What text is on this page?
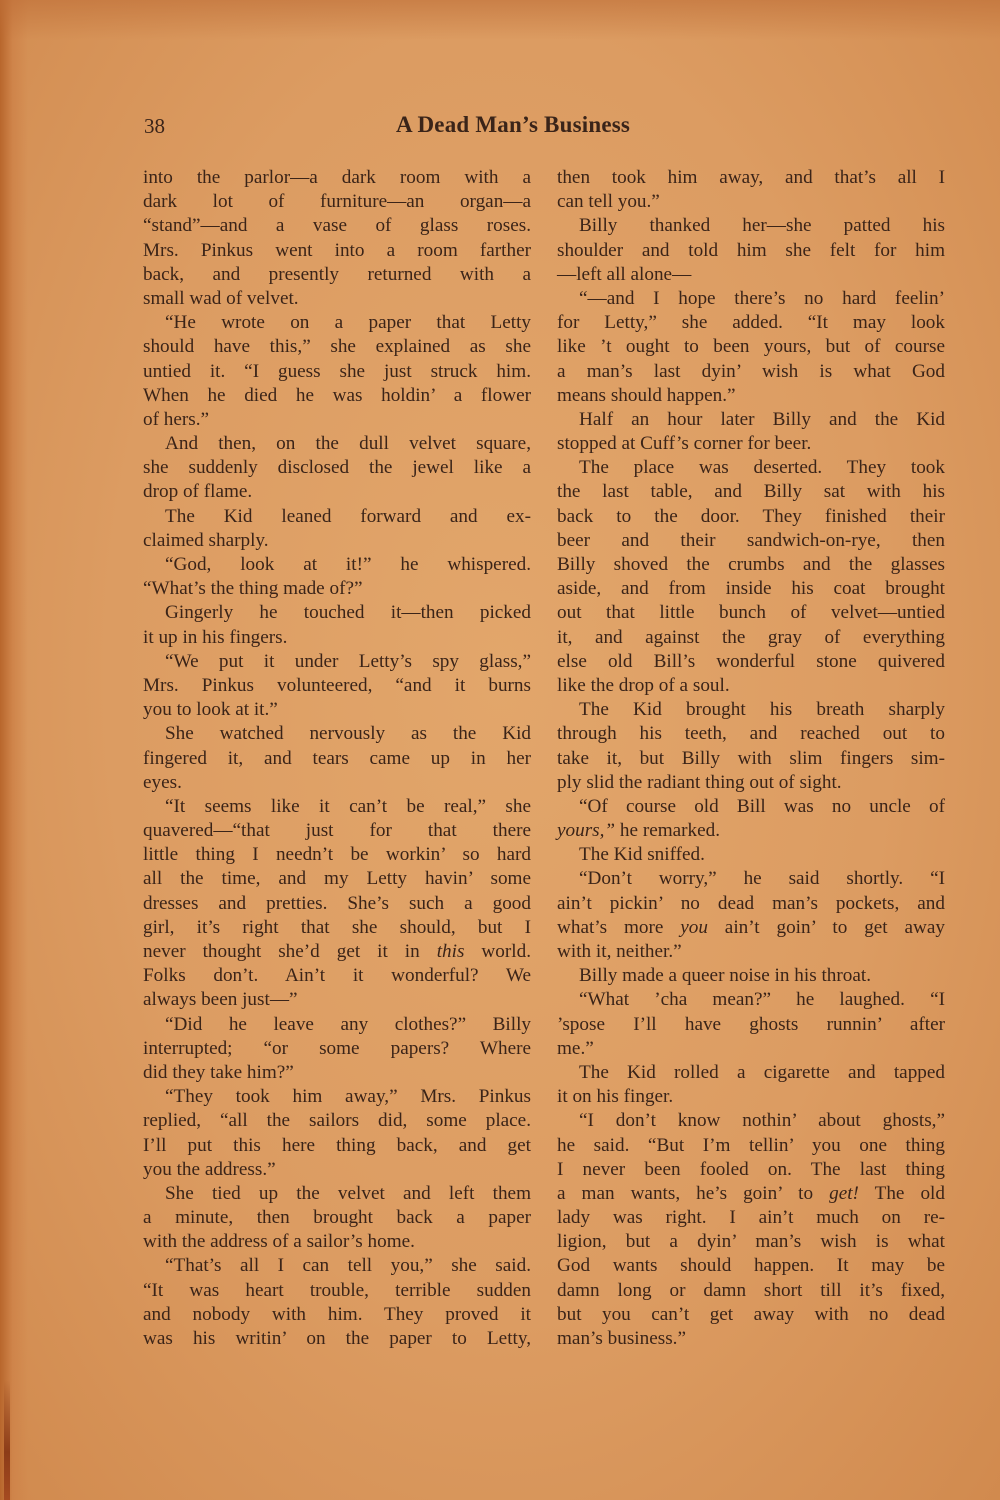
38	A Dead Man’s Business
into the parlor—a dark room with a
dark lot of furniture—an organ—a
“stand”—and a vase of glass roses.
Mrs. Pinkus went into a room farther
back, and presently returned with a
small wad of velvet.
“He wrote on a paper that Letty
should have this,” she explained as she
untied it. “I guess she just struck him.
When he died he was holdin’ a flower
of hers.”
And then, on the dull velvet square,
she suddenly disclosed the jewel like a
drop of flame.
The Kid leaned forward and ex-
claimed sharply.
“God, look at it!” he whispered.
“What’s the thing made of?”
Gingerly he touched it—then picked
it up in his fingers.
“We put it under Letty’s spy glass,”
Mrs. Pinkus volunteered, “and it burns
you to look at it.”
She watched nervously as the Kid
fingered it, and tears came up in her
eyes.
“It seems like it can’t be real,” she
quavered—“that just for that there
little thing I needn’t be workin’ so hard
all the time, and my Letty havin’ some
dresses and pretties. She’s such a good
girl, it’s right that she should, but I
never thought she’d get it in this world.
Folks don’t. Ain’t it wonderful? We
always been just—”
“Did he leave any clothes?” Billy
interrupted; “or some papers? Where
did they take him?”
“They took him away,” Mrs. Pinkus
replied, “all the sailors did, some place.
I’ll put this here thing back, and get
you the address.”
She tied up the velvet and left them
a minute, then brought back a paper
with the address of a sailor’s home.
“That’s all I can tell you,” she said.
“It was heart trouble, terrible sudden
and nobody with him. They proved it
was his writin’ on the paper to Letty,
then took him away, and that’s all I
can tell you.”
Billy thanked her—she patted his
shoulder and told him she felt for him
—left all alone—
“—and I hope there’s no hard feelin’
for Letty,” she added. “It may look
like ’t ought to been yours, but of course
a man’s last dyin’ wish is what God
means should happen.”
Half an hour later Billy and the Kid
stopped at Cuff’s corner for beer.
The place was deserted. They took
the last table, and Billy sat with his
back to the door. They finished their
beer and their sandwich-on-rye, then
Billy shoved the crumbs and the glasses
aside, and from inside his coat brought
out that little bunch of velvet—untied
it, and against the gray of everything
else old Bill’s wonderful stone quivered
like the drop of a soul.
The Kid brought his breath sharply
through his teeth, and reached out to
take it, but Billy with slim fingers sim-
ply slid the radiant thing out of sight.
“Of course old Bill was no uncle of
yours,” he remarked.
The Kid sniffed.
“Don’t worry,” he said shortly. “I
ain’t pickin’ no dead man’s pockets, and
what’s more you ain’t goin’ to get away
with it, neither.”
Billy made a queer noise in his throat.
“What ’cha mean?” he laughed. “I
’spose I’ll have ghosts runnin’ after
me.”
The Kid rolled a cigarette and tapped
it on his finger.
“I don’t know nothin’ about ghosts,”
he said. “But I’m tellin’ you one thing
I never been fooled on. The last thing
a man wants, he’s goin’ to get! The old
lady was right. I ain’t much on re-
ligion, but a dyin’ man’s wish is what
God wants should happen. It may be
damn long or damn short till it’s fixed,
but you can’t get away with no dead
man’s business.”
